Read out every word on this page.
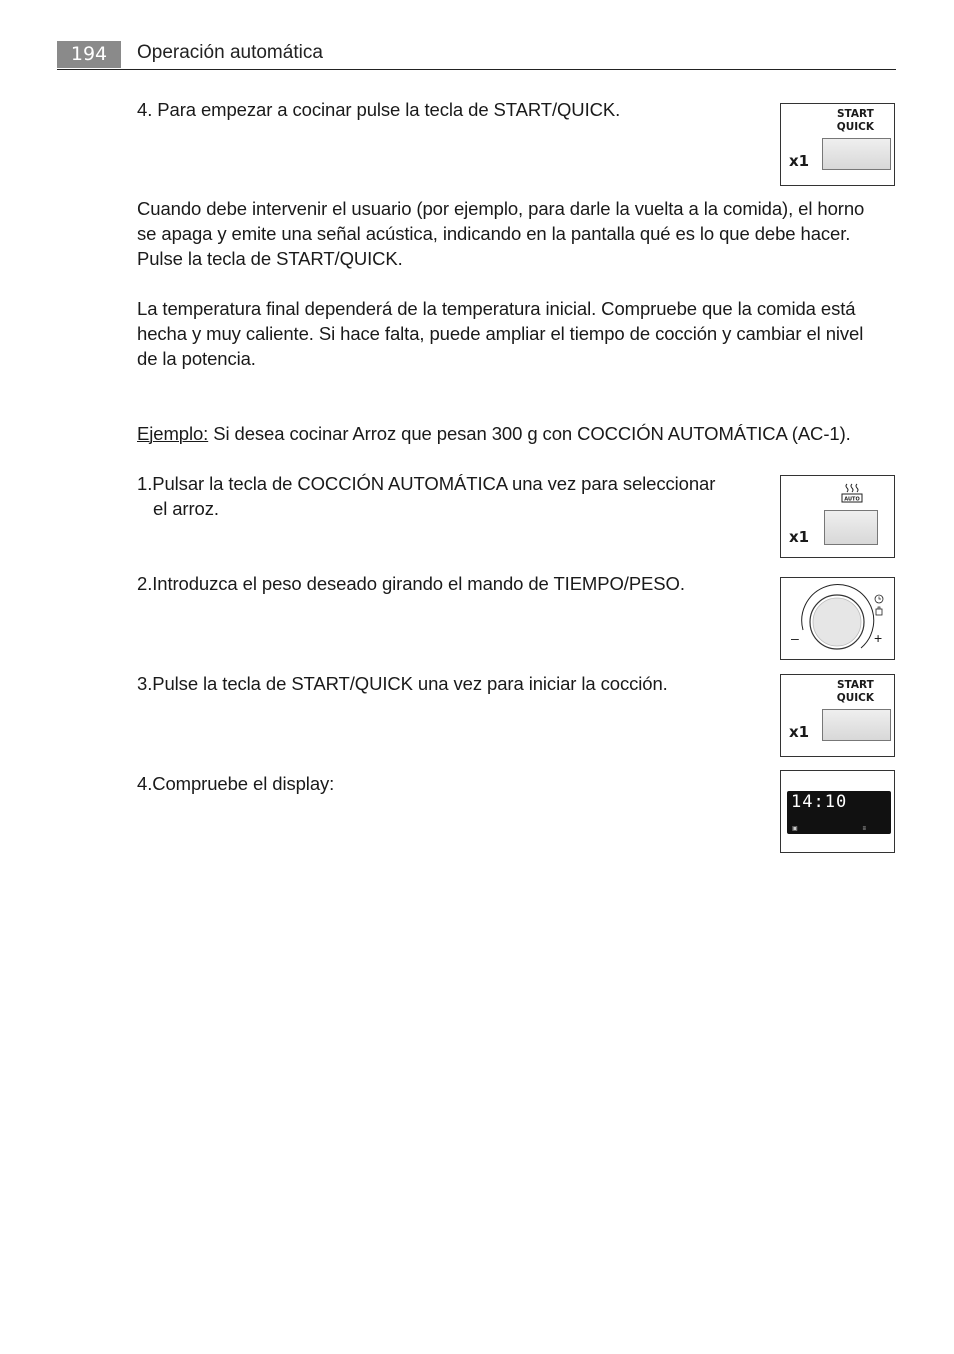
194	Operación automática
4. Para empezar a cocinar pulse la tecla de START/QUICK.
Cuando debe intervenir el usuario (por ejemplo, para darle la vuelta a la comida), el horno se apaga y emite una señal acústica, indicando en la pantalla qué es lo que debe hacer. Pulse la tecla de START/QUICK.
La temperatura final dependerá de la temperatura inicial. Compruebe que la comida está hecha y muy caliente. Si hace falta, puede ampliar el tiempo de cocción y cambiar el nivel de la potencia.
Ejemplo: Si desea cocinar Arroz que pesan 300 g con COCCIÓN AUTOMÁTICA (AC-1).
1.Pulsar la tecla de COCCIÓN AUTOMÁTICA una vez para seleccionar
el arroz.
2.Introduzca el peso deseado girando el mando de TIEMPO/PESO.
3.Pulse la tecla de START/QUICK una vez para iniciar la cocción.
4.Compruebe el display:
START
QUICK
x1
AUTO
x1
–	+
START
QUICK
x1
14:10
▣	≡
